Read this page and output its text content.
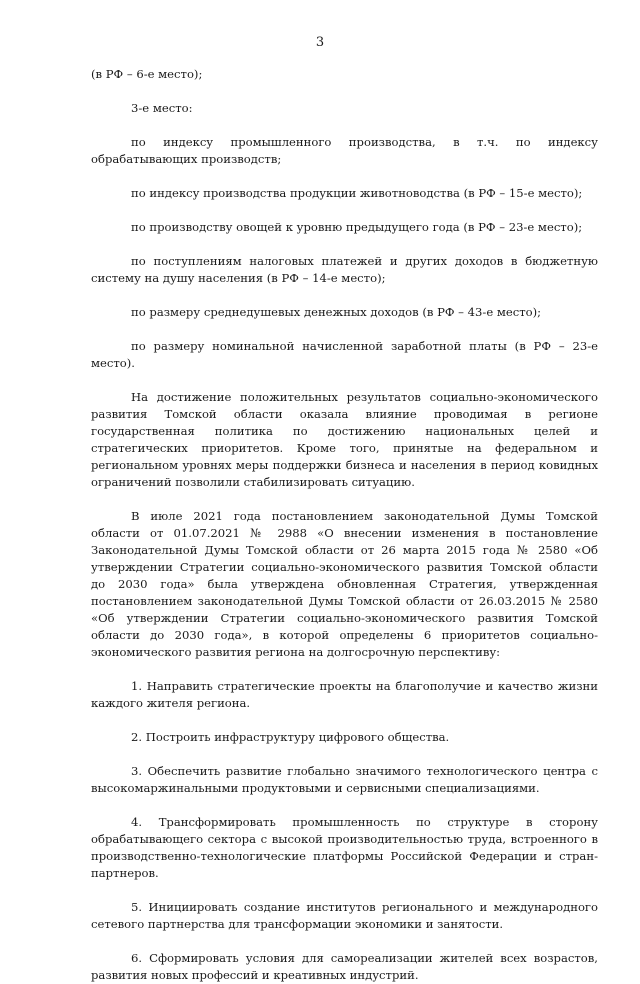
3

(в РФ – 6-е место);

3-е место:

по индексу промышленного производства, в т.ч. по индексу обрабатывающих производств;

по индексу производства продукции животноводства (в РФ – 15-е место);

по производству овощей к уровню предыдущего года (в РФ – 23-е место);

по поступлениям налоговых платежей и других доходов в бюджетную систему на душу населения (в РФ – 14-е место);

по размеру среднедушевых денежных доходов (в РФ – 43-е место);

по размеру номинальной начисленной заработной платы (в РФ – 23-е место).

На достижение положительных результатов социально-экономического развития Томской области оказала влияние проводимая в регионе государственная политика по достижению национальных целей и стратегических приоритетов. Кроме того, принятые на федеральном и региональном уровнях меры поддержки бизнеса и населения в период ковидных ограничений позволили стабилизировать ситуацию.

В июле 2021 года постановлением законодательной Думы Томской области от 01.07.2021 № 2988 «О внесении изменения в постановление Законодательной Думы Томской области от 26 марта 2015 года № 2580 «Об утверждении Стратегии социально-экономического развития Томской области до 2030 года» была утверждена обновленная Стратегия, утвержденная постановлением законодательной Думы Томской области от 26.03.2015 № 2580 «Об утверждении Стратегии социально-экономического развития Томской области до 2030 года», в которой определены 6 приоритетов социально-экономического развития региона на долгосрочную перспективу:

1. Направить стратегические проекты на благополучие и качество жизни каждого жителя региона.

2. Построить инфраструктуру цифрового общества.

3. Обеспечить развитие глобально значимого технологического центра с высокомаржинальными продуктовыми и сервисными специализациями.

4. Трансформировать промышленность по структуре в сторону обрабатывающего сектора с высокой производительностью труда, встроенного в производственно-технологические платформы Российской Федерации и стран-партнеров.

5. Инициировать создание институтов регионального и международного сетевого партнерства для трансформации экономики и занятости.

6. Сформировать условия для самореализации жителей всех возрастов, развития новых профессий и креативных индустрий.
